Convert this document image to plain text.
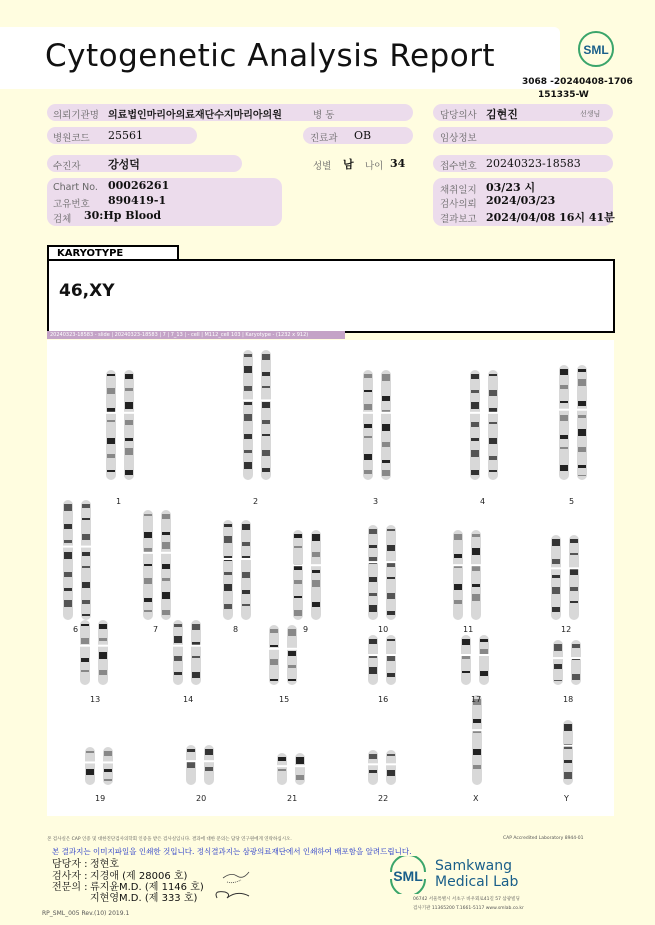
Cytogenetic Analysis Report	SML
3068 -20240408-1706
151335-W
의뢰기관명 의료법인마리아의료재단수지마리아의원	병 동	담당의사 김현진	선생님
병원코드 25561	진료과 OB	임상정보
수진자 강성덕	성별 남 나이 34	접수번호 20240323-18583
Chart No. 00026261
고유번호 890419-1
검체 30:Hp Blood
채취일지 03/23 시
검사의뢰 2024/03/23
결과보고 2024/04/08 16시 41분
KARYOTYPE
46,XY
20240323-18583 - slide | 20240323-18583 | 7 | 7_13 | - cell | M112_cell 103 | Karyotype - (1232 x 912)
1	2	3	4	5
6	7	8	9	10	11	12
13	14	15	16	17	18
19	20	21	22	X	Y
본 검사실은 CAP 인증 및 대한진단검사의학회 인증을 받은 검사실입니다. 결과에 대한 문의는 담당 연구원에게 연락하십시오.	CAP Accredited Laboratory 8944-01
본 결과지는 이미지파일을 인쇄한 것입니다. 정식결과지는 삼광의료재단에서 인쇄하여 배포함을 알려드립니다.
담당자 : 정현호
검사자 : 지경애 (제 28006 호)
전문의 : 류지윤M.D. (제 1146 호)
지현영M.D. (제 333 호)
SML
Samkwang
Medical Lab
06742 서울특별시 서초구 바우뫼로41길 57 삼광빌딩
검사기관 11365200 T.1661-5117 www.smlab.co.kr
RP_SML_005 Rev.(10) 2019.1
